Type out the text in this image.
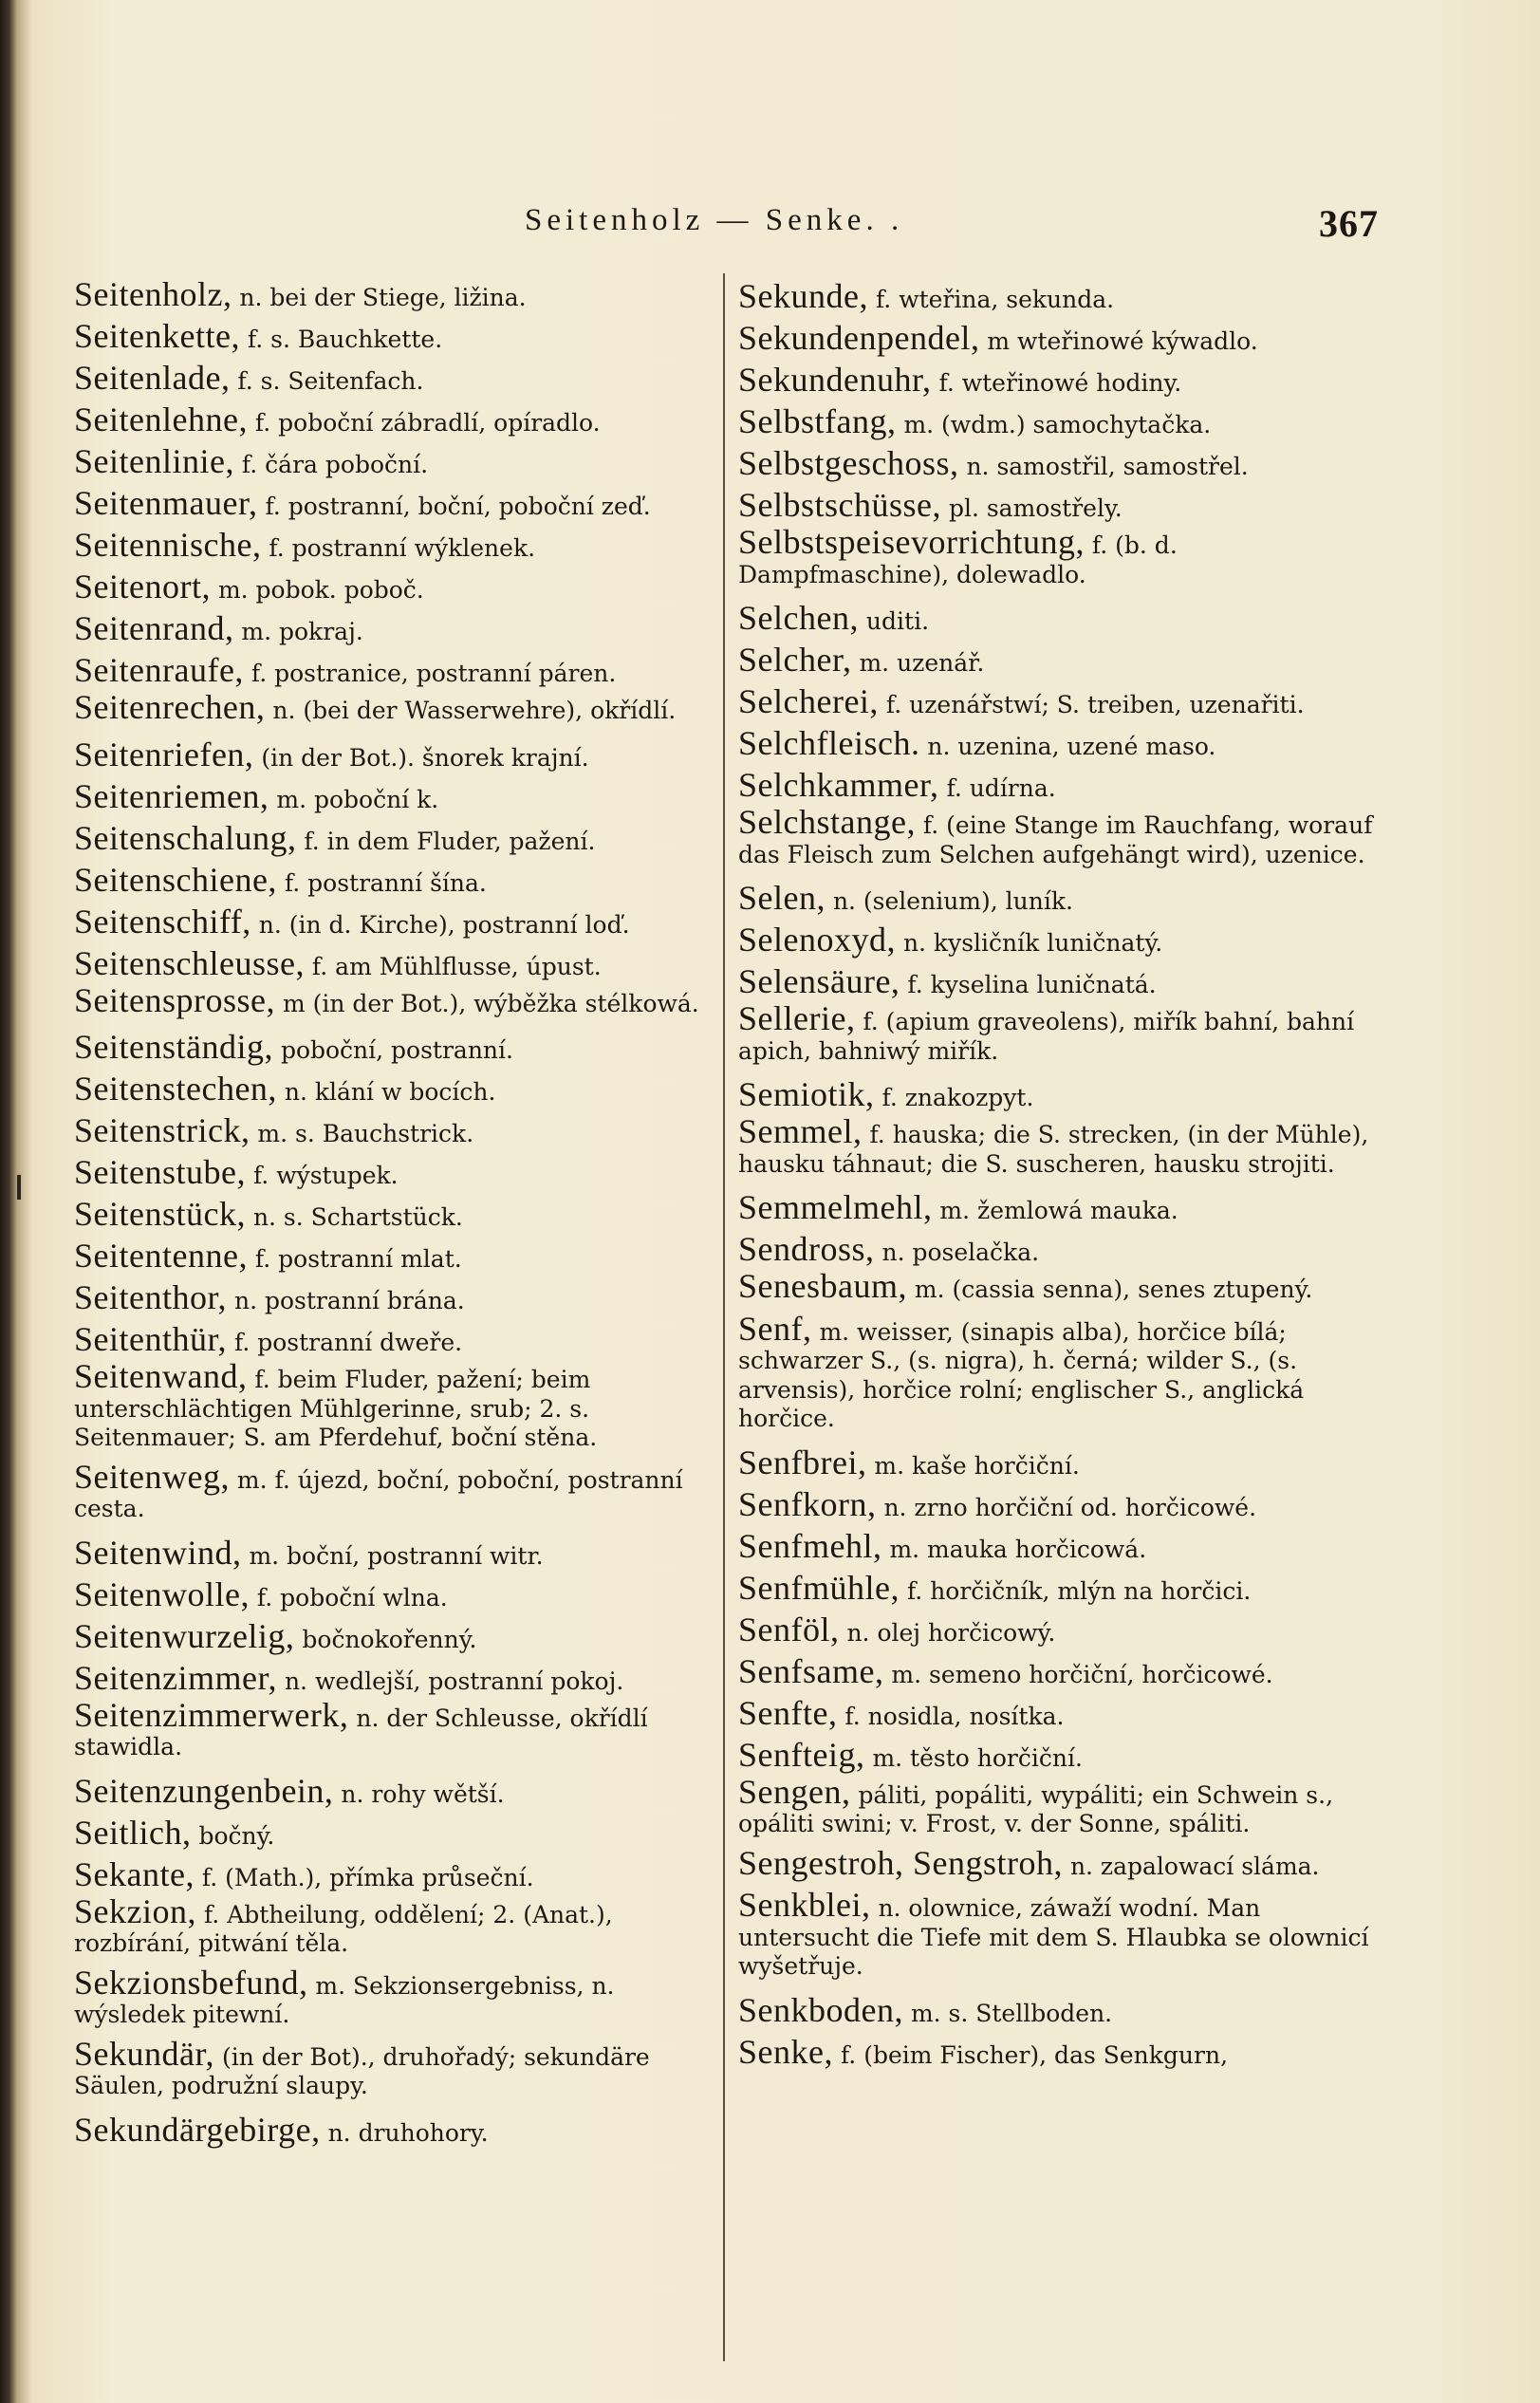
Seitenholz — Senke. .	367
Seitenholz, n. bei der Stiege, ližina.
Seitenkette, f. s. Bauchkette.
Seitenlade, f. s. Seitenfach.
Seitenlehne, f. poboční zábradlí, opíradlo.
Seitenlinie, f. čára poboční.
Seitenmauer, f. postranní, boční, poboční zeď.
Seitennische, f. postranní wýklenek.
Seitenort, m. pobok. poboč.
Seitenrand, m. pokraj.
Seitenraufe, f. postranice, postranní páren.
Seitenrechen, n. (bei der Wasserwehre), okřídlí.
Seitenriefen, (in der Bot.). šnorek krajní.
Seitenriemen, m. poboční k.
Seitenschalung, f. in dem Fluder, pažení.
Seitenschiene, f. postranní šína.
Seitenschiff, n. (in d. Kirche), postranní loď.
Seitenschleusse, f. am Mühlflusse, úpust.
Seitensprosse, m (in der Bot.), wýběžka stélkowá.
Seitenständig, poboční, postranní.
Seitenstechen, n. klání w bocích.
Seitenstrick, m. s. Bauchstrick.
Seitenstube, f. wýstupek.
Seitenstück, n. s. Schartstück.
Seitentenne, f. postranní mlat.
Seitenthor, n. postranní brána.
Seitenthür, f. postranní dweře.
Seitenwand, f. beim Fluder, pažení; beim unterschlächtigen Mühlgerinne, srub; 2. s. Seitenmauer; S. am Pferdehuf, boční stěna.
Seitenweg, m. f. újezd, boční, poboční, postranní cesta.
Seitenwind, m. boční, postranní witr.
Seitenwolle, f. poboční wlna.
Seitenwurzelig, bočnokořenný.
Seitenzimmer, n. wedlejší, postranní pokoj.
Seitenzimmerwerk, n. der Schleusse, okřídlí stawidla.
Seitenzungenbein, n. rohy wětší.
Seitlich, bočný.
Sekante, f. (Math.), přímka průseční.
Sekzion, f. Abtheilung, oddělení; 2. (Anat.), rozbírání, pitwání těla.
Sekzionsbefund, m. Sekzionsergebniss, n. wýsledek pitewní.
Sekundär, (in der Bot)., druhořadý; sekundäre Säulen, podružní slaupy.
Sekundärgebirge, n. druhohory.
Sekunde, f. wteřina, sekunda.
Sekundenpendel, m wteřinowé kýwadlo.
Sekundenuhr, f. wteřinowé hodiny.
Selbstfang, m. (wdm.) samochytačka.
Selbstgeschoss, n. samostřil, samostřel.
Selbstschüsse, pl. samostřely.
Selbstspeisevorrichtung, f. (b. d. Dampfmaschine), dolewadlo.
Selchen, uditi.
Selcher, m. uzenář.
Selcherei, f. uzenářstwí; S. treiben, uzenařiti.
Selchfleisch. n. uzenina, uzené maso.
Selchkammer, f. udírna.
Selchstange, f. (eine Stange im Rauchfang, worauf das Fleisch zum Selchen aufgehängt wird), uzenice.
Selen, n. (selenium), luník.
Selenoxyd, n. kysličník luničnatý.
Selensäure, f. kyselina luničnatá.
Sellerie, f. (apium graveolens), miřík bahní, bahní apich, bahniwý miřík.
Semiotik, f. znakozpyt.
Semmel, f. hauska; die S. strecken, (in der Mühle), hausku táhnaut; die S. suscheren, hausku strojiti.
Semmelmehl, m. žemlowá mauka.
Sendross, n. poselačka.
Senesbaum, m. (cassia senna), senes ztupený.
Senf, m. weisser, (sinapis alba), horčice bílá; schwarzer S., (s. nigra), h. černá; wilder S., (s. arvensis), horčice rolní; englischer S., anglická horčice.
Senfbrei, m. kaše horčiční.
Senfkorn, n. zrno horčiční od. horčicowé.
Senfmehl, m. mauka horčicowá.
Senfmühle, f. horčičník, mlýn na horčici.
Senföl, n. olej horčicowý.
Senfsame, m. semeno horčiční, horčicowé.
Senfte, f. nosidla, nosítka.
Senfteig, m. těsto horčiční.
Sengen, páliti, popáliti, wypáliti; ein Schwein s., opáliti swini; v. Frost, v. der Sonne, spáliti.
Sengestroh, Sengstroh, n. zapalowací sláma.
Senkblei, n. olownice, záwaží wodní. Man untersucht die Tiefe mit dem S. Hlaubka se olownicí wyšetřuje.
Senkboden, m. s. Stellboden.
Senke, f. (beim Fischer), das Senkgurn,
